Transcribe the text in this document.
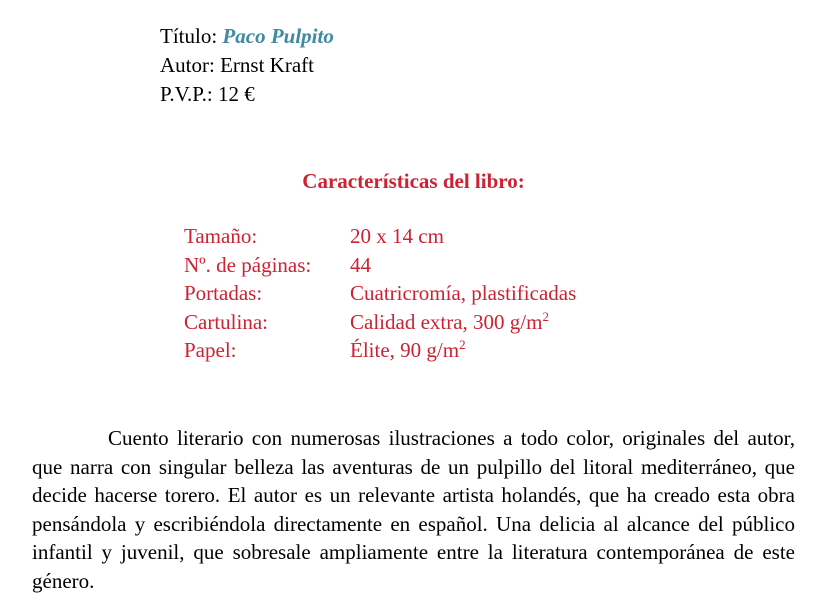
Título: Paco Pulpito
Autor: Ernst Kraft
P.V.P.: 12 €
Características del libro:
Tamaño:	20 x 14 cm
Nº. de páginas:	44
Portadas:	Cuatricromía, plastificadas
Cartulina:	Calidad extra, 300 $g/m^2$
Papel:	Élite, 90 $g/m^2$

Cuento literario con numerosas ilustraciones a todo color, originales del autor, que narra con singular belleza las aventuras de un pulpillo del litoral mediterráneo, que decide hacerse torero. El autor es un relevante artista holandés, que ha creado esta obra pensándola y escribiéndola directamente en español. Una delicia al alcance del público infantil y juvenil, que sobresale ampliamente entre la literatura contemporánea de este género.
